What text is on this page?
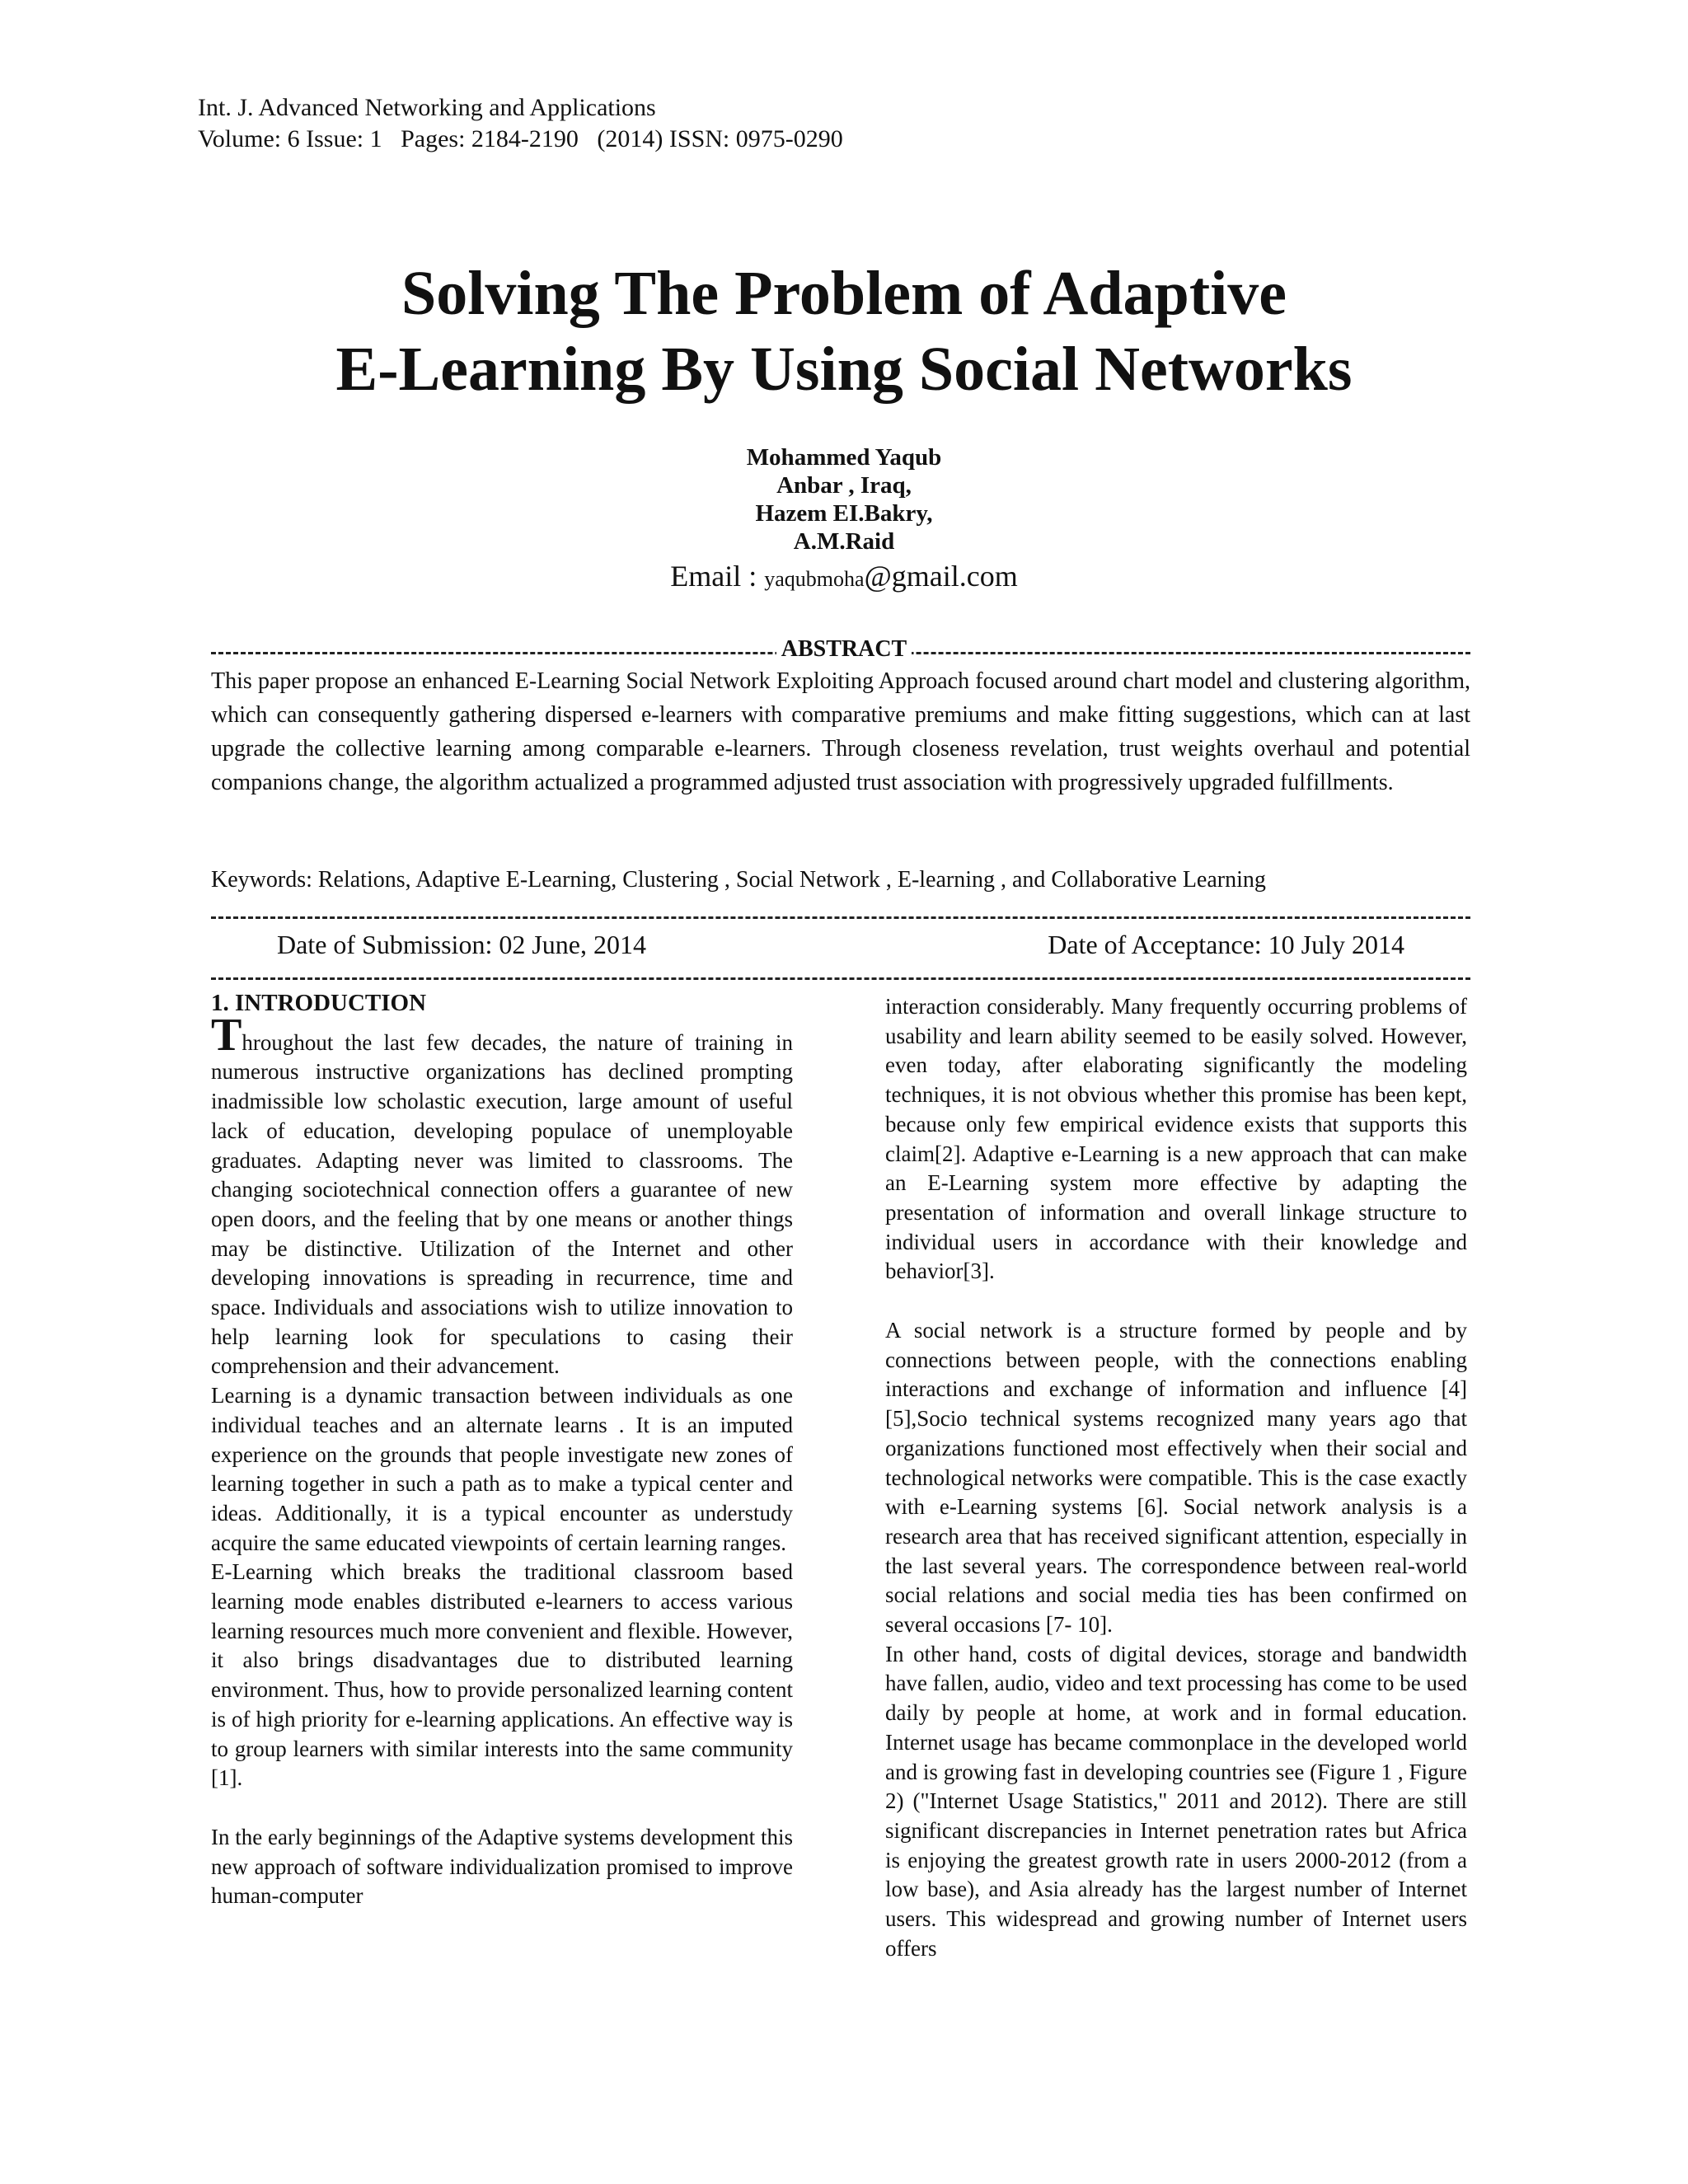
Int. J. Advanced Networking and Applications
Volume: 6 Issue: 1   Pages: 2184-2190   (2014) ISSN: 0975-0290
Solving The Problem of Adaptive
E-Learning By Using Social Networks
Mohammed Yaqub
Anbar , Iraq,
Hazem EI.Bakry,
A.M.Raid
Email : yaqubmoha@gmail.com
ABSTRACT

This paper propose an enhanced E-Learning Social Network Exploiting Approach focused around chart model and clustering algorithm, which can consequently gathering dispersed e-learners with comparative premiums and make fitting suggestions, which can at last upgrade the collective learning among comparable e-learners. Through closeness revelation, trust weights overhaul and potential companions change, the algorithm actualized a programmed adjusted trust association with progressively upgraded fulfillments.

Keywords: Relations, Adaptive E-Learning, Clustering , Social Network , E-learning , and Collaborative Learning

Date of Submission: 02 June, 2014	Date of Acceptance: 10 July 2014

1. INTRODUCTION

Throughout the last few decades, the nature of training in numerous instructive organizations has declined prompting inadmissible low scholastic execution, large amount of useful lack of education, developing populace of unemployable graduates. Adapting never was limited to classrooms. The changing sociotechnical connection offers a guarantee of new open doors, and the feeling that by one means or another things may be distinctive. Utilization of the Internet and other developing innovations is spreading in recurrence, time and space. Individuals and associations wish to utilize innovation to help learning look for speculations to casing their comprehension and their advancement.

Learning is a dynamic transaction between individuals as one individual teaches and an alternate learns . It is an imputed experience on the grounds that people investigate new zones of learning together in such a path as to make a typical center and ideas. Additionally, it is a typical encounter as understudy acquire the same educated viewpoints of certain learning ranges.

E-Learning which breaks the traditional classroom based learning mode enables distributed e-learners to access various learning resources much more convenient and flexible. However, it also brings disadvantages due to distributed learning environment. Thus, how to provide personalized learning content is of high priority for e-learning applications. An effective way is to group learners with similar interests into the same community [1].

In the early beginnings of the Adaptive systems development this new approach of software individualization promised to improve human-computer

interaction considerably. Many frequently occurring problems of usability and learn ability seemed to be easily solved. However, even today, after elaborating significantly the modeling techniques, it is not obvious whether this promise has been kept, because only few empirical evidence exists that supports this claim[2]. Adaptive e-Learning is a new approach that can make an E-Learning system more effective by adapting the presentation of information and overall linkage structure to individual users in accordance with their knowledge and behavior[3].

A social network is a structure formed by people and by connections between people, with the connections enabling interactions and exchange of information and influence [4][5],Socio technical systems recognized many years ago that organizations functioned most effectively when their social and technological networks were compatible. This is the case exactly with e-Learning systems [6]. Social network analysis is a research area that has received significant attention, especially in the last several years. The correspondence between real-world social relations and social media ties has been confirmed on several occasions [7- 10].

In other hand, costs of digital devices, storage and bandwidth have fallen, audio, video and text processing has come to be used daily by people at home, at work and in formal education. Internet usage has became commonplace in the developed world and is growing fast in developing countries see (Figure 1 , Figure 2) ("Internet Usage Statistics," 2011 and 2012). There are still significant discrepancies in Internet penetration rates but Africa is enjoying the greatest growth rate in users 2000-2012 (from a low base), and Asia already has the largest number of Internet users. This widespread and growing number of Internet users offers
